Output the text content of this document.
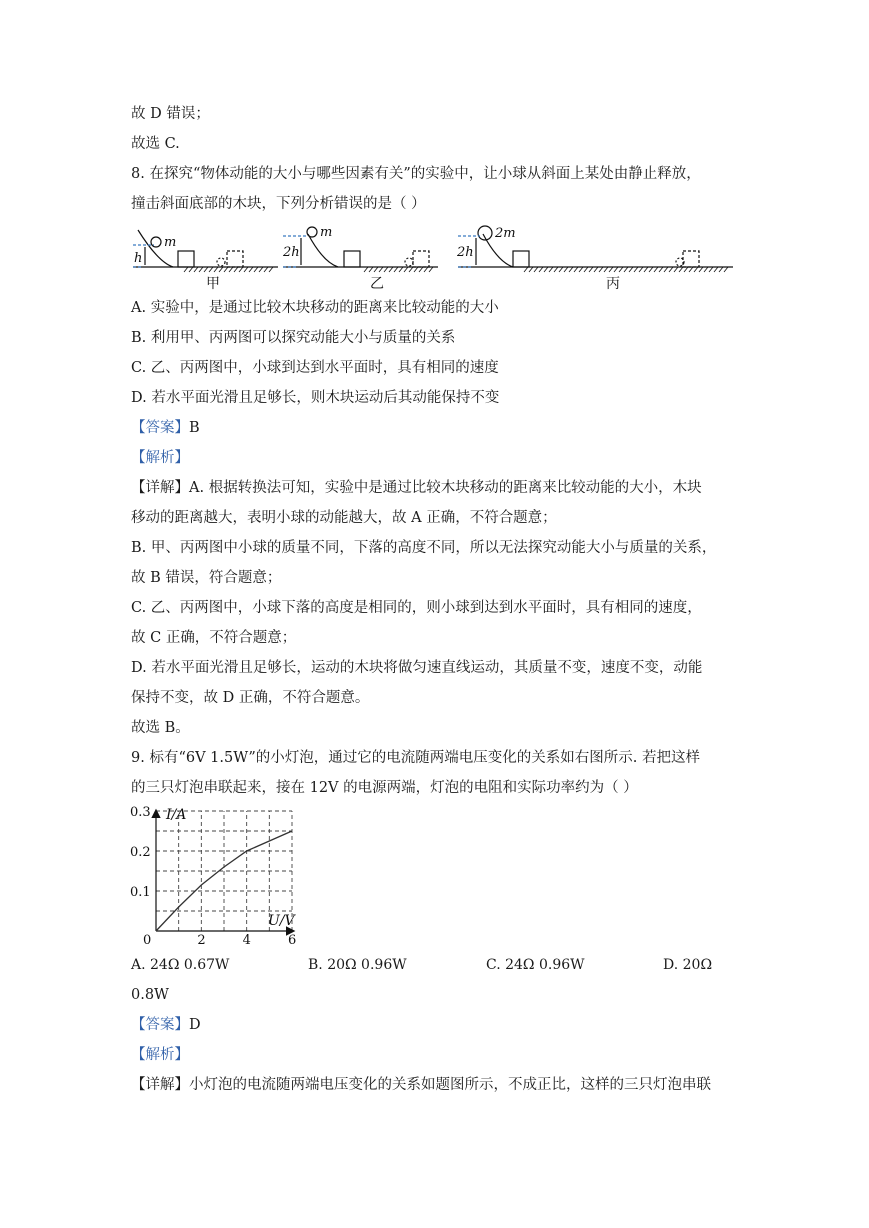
故 D 错误；
故选 C.
8. 在探究“物体动能的大小与哪些因素有关”的实验中，让小球从斜面上某处由静止释放，
撞击斜面底部的木块，下列分析错误的是（ ）
h
m
2h
m
2h
2m
甲	乙	丙
A. 实验中，是通过比较木块移动的距离来比较动能的大小
B. 利用甲、丙两图可以探究动能大小与质量的关系
C. 乙、丙两图中，小球到达到水平面时，具有相同的速度
D. 若水平面光滑且足够长，则木块运动后其动能保持不变
【答案】B
【解析】
【详解】A. 根据转换法可知，实验中是通过比较木块移动的距离来比较动能的大小，木块
移动的距离越大，表明小球的动能越大，故 A 正确，不符合题意；
B. 甲、丙两图中小球的质量不同，下落的高度不同，所以无法探究动能大小与质量的关系，
故 B 错误，符合题意；
C. 乙、丙两图中，小球下落的高度是相同的，则小球到达到水平面时，具有相同的速度，
故 C 正确，不符合题意；
D. 若水平面光滑且足够长，运动的木块将做匀速直线运动，其质量不变，速度不变，动能
保持不变，故 D 正确，不符合题意。
故选 B。
9. 标有“6V 1.5W”的小灯泡，通过它的电流随两端电压变化的关系如右图所示. 若把这样
的三只灯泡串联起来，接在 12V 的电源两端，灯泡的电阻和实际功率约为（ ）
2	4	6
0.1
0.2
0.3
0
I/A
U/V
A. 24Ω 0.67W	B. 20Ω 0.96W	C. 24Ω 0.96W	D. 20Ω
0.8W
【答案】D
【解析】
【详解】小灯泡的电流随两端电压变化的关系如题图所示，不成正比，这样的三只灯泡串联
